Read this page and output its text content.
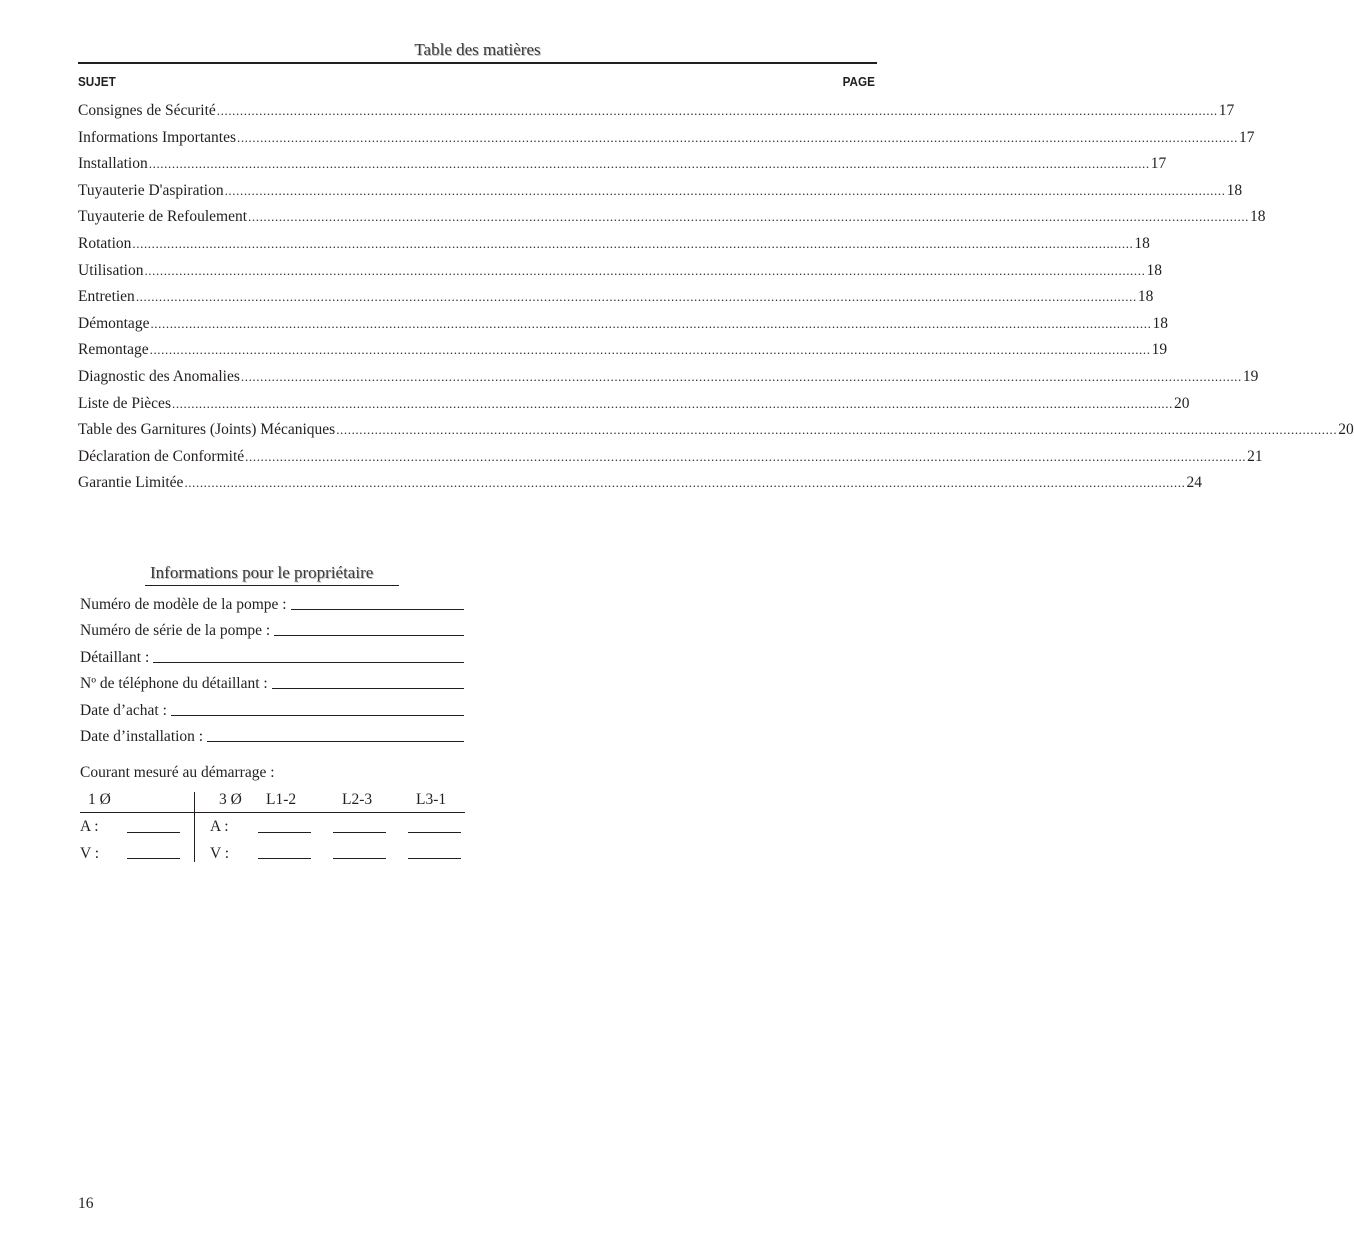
Table des matières
SUJET	PAGE
Consignes de Sécurité .................................................................................................................................................................................................................................................................... 17
Informations Importantes .................................................................................................................................................................................................................................................................... 17
Installation .................................................................................................................................................................................................................................................................... 17
Tuyauterie D'aspiration .................................................................................................................................................................................................................................................................... 18
Tuyauterie de Refoulement .................................................................................................................................................................................................................................................................... 18
Rotation .................................................................................................................................................................................................................................................................... 18
Utilisation .................................................................................................................................................................................................................................................................... 18
Entretien .................................................................................................................................................................................................................................................................... 18
Démontage .................................................................................................................................................................................................................................................................... 18
Remontage .................................................................................................................................................................................................................................................................... 19
Diagnostic des Anomalies .................................................................................................................................................................................................................................................................... 19
Liste de Pièces .................................................................................................................................................................................................................................................................... 20
Table des Garnitures (Joints) Mécaniques .................................................................................................................................................................................................................................................................... 20
Déclaration de Conformité .................................................................................................................................................................................................................................................................... 21
Garantie Limitée .................................................................................................................................................................................................................................................................... 24
Informations pour le propriétaire
Numéro de modèle de la pompe :
Numéro de série de la pompe :
Détaillant :
Nº de téléphone du détaillant :
Date d’achat :
Date d’installation :
Courant mesuré au démarrage :
1 Ø	3 Ø L1-2	L2-3	L3-1
A :	A :
V :	V :
16
